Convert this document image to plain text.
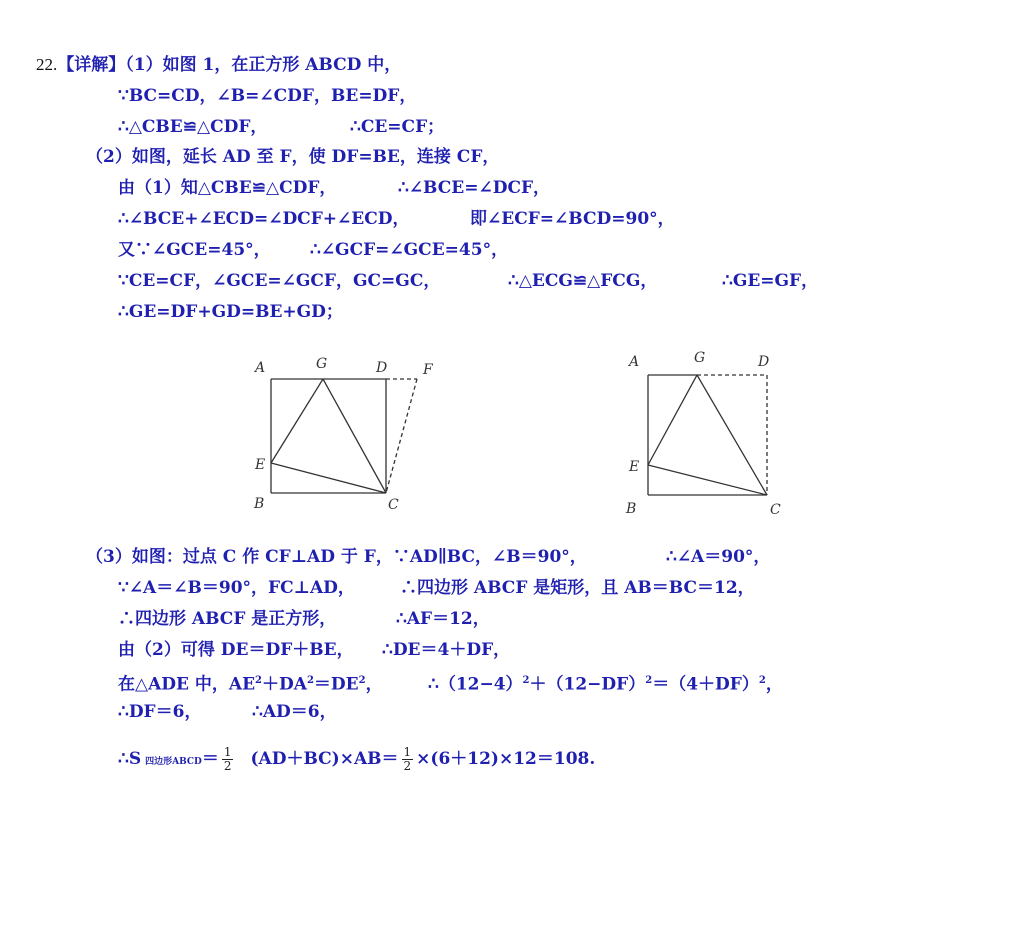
22.【详解】（1）如图 1，在正方形 ABCD 中，
∵BC=CD，∠B=∠CDF，BE=DF，
∴△CBE≌△CDF，	∴CE=CF；
（2）如图，延长 AD 至 F，使 DF=BE，连接 CF，
由（1）知△CBE≌△CDF，	∴∠BCE=∠DCF，
∴∠BCE+∠ECD=∠DCF+∠ECD，	即∠ECF=∠BCD=90°，
又∵∠GCE=45°， ∴∠GCF=∠GCE=45°，
∵CE=CF，∠GCE=∠GCF，GC=GC，	∴△ECG≌△FCG，	∴GE=GF，
∴GE=DF+GD=BE+GD；
A	G	D	F
E
B	C
A	G	D
E
B	C
（3）如图：过点 C 作 CF⊥AD 于 F，∵AD∥BC，∠B＝90°，	∴∠A＝90°，
∵∠A＝∠B＝90°，FC⊥AD，	∴四边形 ABCF 是矩形，且 AB＝BC＝12，
∴四边形 ABCF 是正方形，	∴AF＝12，
由（2）可得 DE＝DF＋BE， ∴DE＝4＋DF，
在△ADE 中，$AE^2+DA^2=DE^2$，	$\therefore(12-4)^2+(12-DF)^2=(4+DF)^2$，
∴DF＝6，	∴AD＝6，
∴S 四边形ABCD＝ $\frac{1}{2} (AD+BC)\times AB= \frac{1}{2} \times(6+12)\times 12=108$.
